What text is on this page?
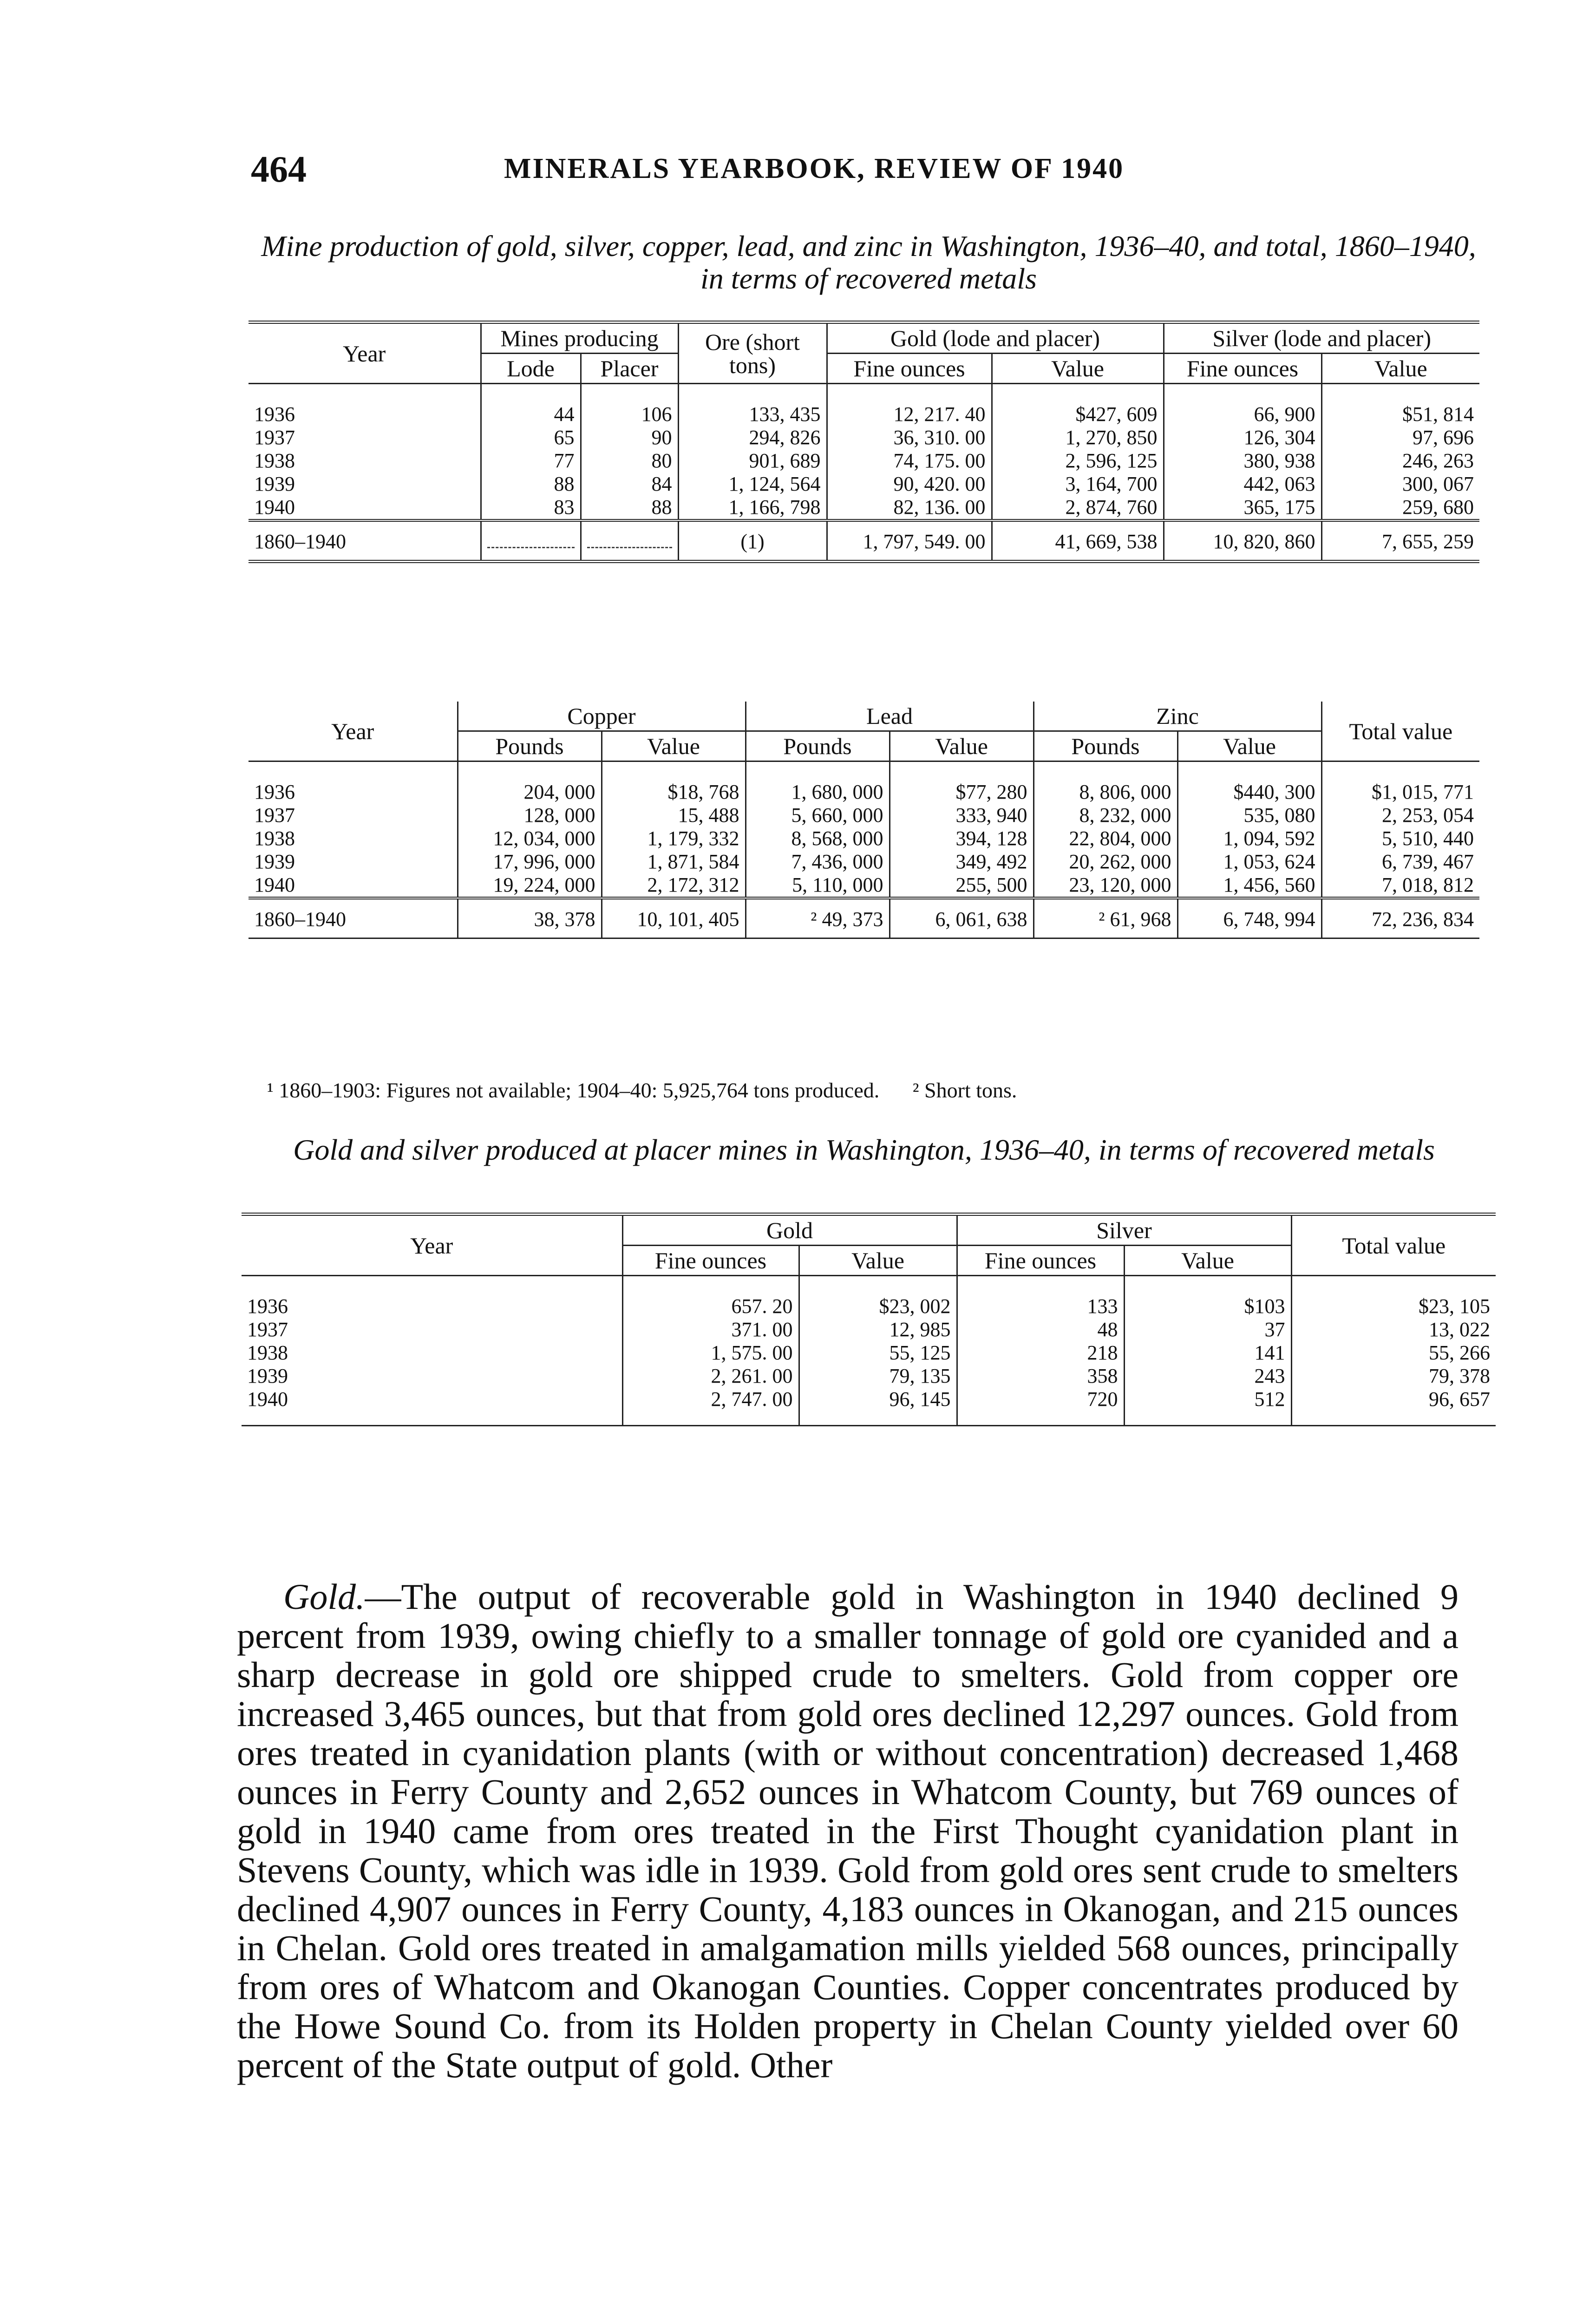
464	MINERALS YEARBOOK, REVIEW OF 1940
Mine production of gold, silver, copper, lead, and zinc in Washington, 1936–40, and total, 1860–1940, in terms of recovered metals
Year	Mines producing		Ore (short tons)	Gold (lode and placer)		Silver (lode and placer)	
	Lode	Placer		Fine ounces	Value	Fine ounces	Value

1936	44	106	133, 435	12, 217. 40	$427, 609	66, 900	$51, 814
1937	65	90	294, 826	36, 310. 00	1, 270, 850	126, 304	97, 696
1938	77	80	901, 689	74, 175. 00	2, 596, 125	380, 938	246, 263
1939	88	84	1, 124, 564	90, 420. 00	3, 164, 700	442, 063	300, 067
1940	83	88	1, 166, 798	82, 136. 00	2, 874, 760	365, 175	259, 680
1860–1940			(1)	1, 797, 549. 00	41, 669, 538	10, 820, 860	7, 655, 259
Year	Copper		Lead		Zinc		Total value
	Pounds	Value	Pounds	Value	Pounds	Value	

1936	204, 000	$18, 768	1, 680, 000	$77, 280	8, 806, 000	$440, 300	$1, 015, 771
1937	128, 000	15, 488	5, 660, 000	333, 940	8, 232, 000	535, 080	2, 253, 054
1938	12, 034, 000	1, 179, 332	8, 568, 000	394, 128	22, 804, 000	1, 094, 592	5, 510, 440
1939	17, 996, 000	1, 871, 584	7, 436, 000	349, 492	20, 262, 000	1, 053, 624	6, 739, 467
1940	19, 224, 000	2, 172, 312	5, 110, 000	255, 500	23, 120, 000	1, 456, 560	7, 018, 812
1860–1940	38, 378	10, 101, 405	² 49, 373	6, 061, 638	² 61, 968	6, 748, 994	72, 236, 834
¹ 1860–1903: Figures not available; 1904–40: 5,925,764 tons produced. ² Short tons.
Gold and silver produced at placer mines in Washington, 1936–40, in terms of recovered metals
Year	Gold		Silver		Total value
	Fine ounces	Value	Fine ounces	Value	

1936	657. 20	$23, 002	133	$103	$23, 105
1937	371. 00	12, 985	48	37	13, 022
1938	1, 575. 00	55, 125	218	141	55, 266
1939	2, 261. 00	79, 135	358	243	79, 378
1940	2, 747. 00	96, 145	720	512	96, 657
Gold.—The output of recoverable gold in Washington in 1940 declined 9 percent from 1939, owing chiefly to a smaller tonnage of gold ore cyanided and a sharp decrease in gold ore shipped crude to smelters. Gold from copper ore increased 3,465 ounces, but that from gold ores declined 12,297 ounces. Gold from ores treated in cyanidation plants (with or without concentration) decreased 1,468 ounces in Ferry County and 2,652 ounces in Whatcom County, but 769 ounces of gold in 1940 came from ores treated in the First Thought cyanidation plant in Stevens County, which was idle in 1939. Gold from gold ores sent crude to smelters declined 4,907 ounces in Ferry County, 4,183 ounces in Okanogan, and 215 ounces in Chelan. Gold ores treated in amalgamation mills yielded 568 ounces, principally from ores of Whatcom and Okanogan Counties. Copper concentrates produced by the Howe Sound Co. from its Holden property in Chelan County yielded over 60 percent of the State output of gold. Other
